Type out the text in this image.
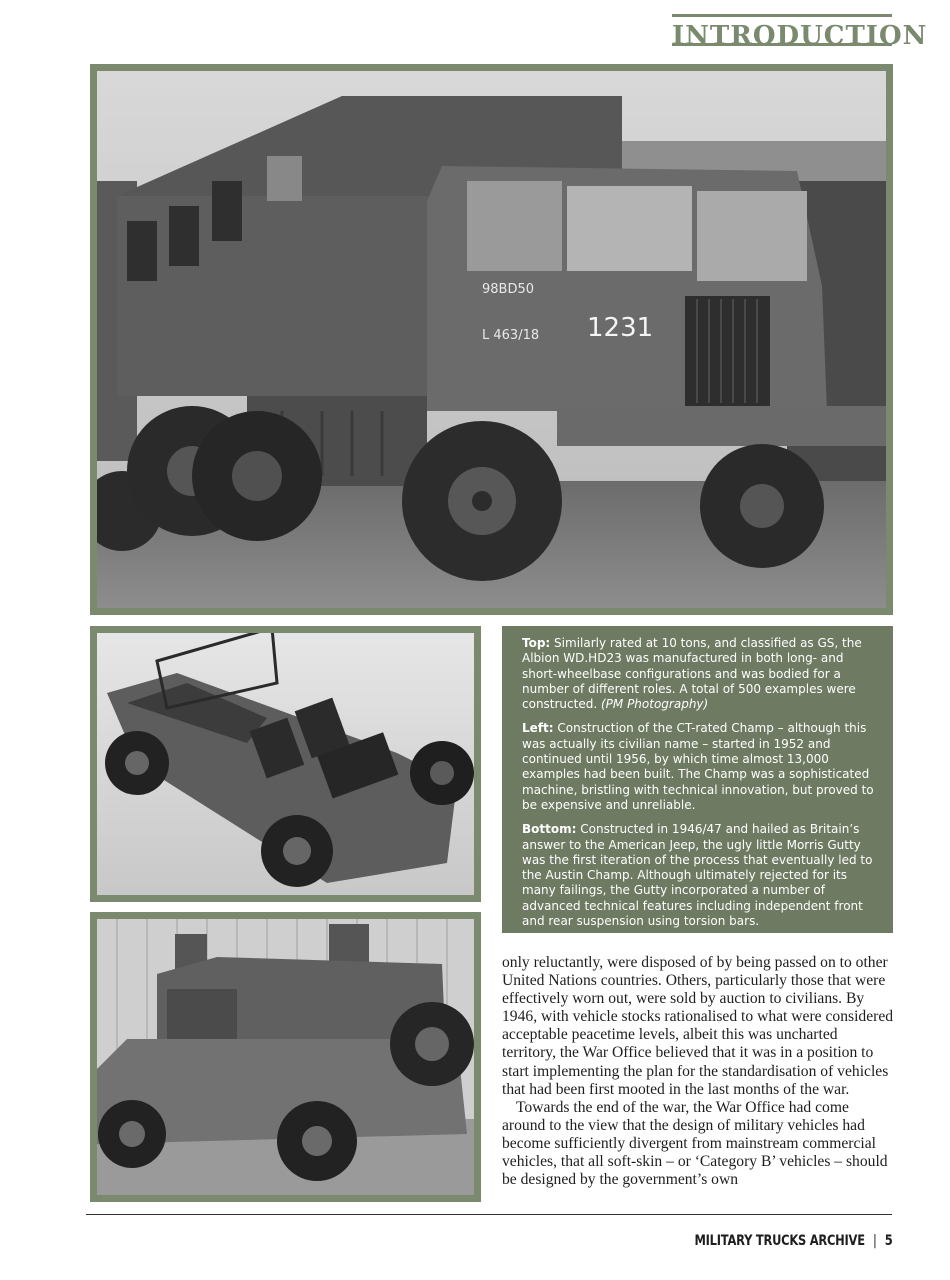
INTRODUCTION
98BD50
L 463/18 1231

Top: Similarly rated at 10 tons, and classified as GS, the Albion WD.HD23 was manufactured in both long- and short-wheelbase configurations and was bodied for a number of different roles. A total of 500 examples were constructed. (PM Photography)

Left: Construction of the CT-rated Champ – although this was actually its civilian name – started in 1952 and continued until 1956, by which time almost 13,000 examples had been built. The Champ was a sophisticated machine, bristling with technical innovation, but proved to be expensive and unreliable.

Bottom: Constructed in 1946/47 and hailed as Britain’s answer to the American Jeep, the ugly little Morris Gutty was the first iteration of the process that eventually led to the Austin Champ. Although ultimately rejected for its many failings, the Gutty incorporated a number of advanced technical features including independent front and rear suspension using torsion bars.

only reluctantly, were disposed of by being passed on to other United Nations countries. Others, particularly those that were effectively worn out, were sold by auction to civilians. By 1946, with vehicle stocks rationalised to what were considered acceptable peacetime levels, albeit this was uncharted territory, the War Office believed that it was in a position to start implementing the plan for the standardisation of vehicles that had been first mooted in the last months of the war.

Towards the end of the war, the War Office had come around to the view that the design of military vehicles had become sufficiently divergent from mainstream commercial vehicles, that all soft-skin – or ‘Category B’ vehicles – should be designed by the government’s own

MILITARY TRUCKS ARCHIVE | 5
